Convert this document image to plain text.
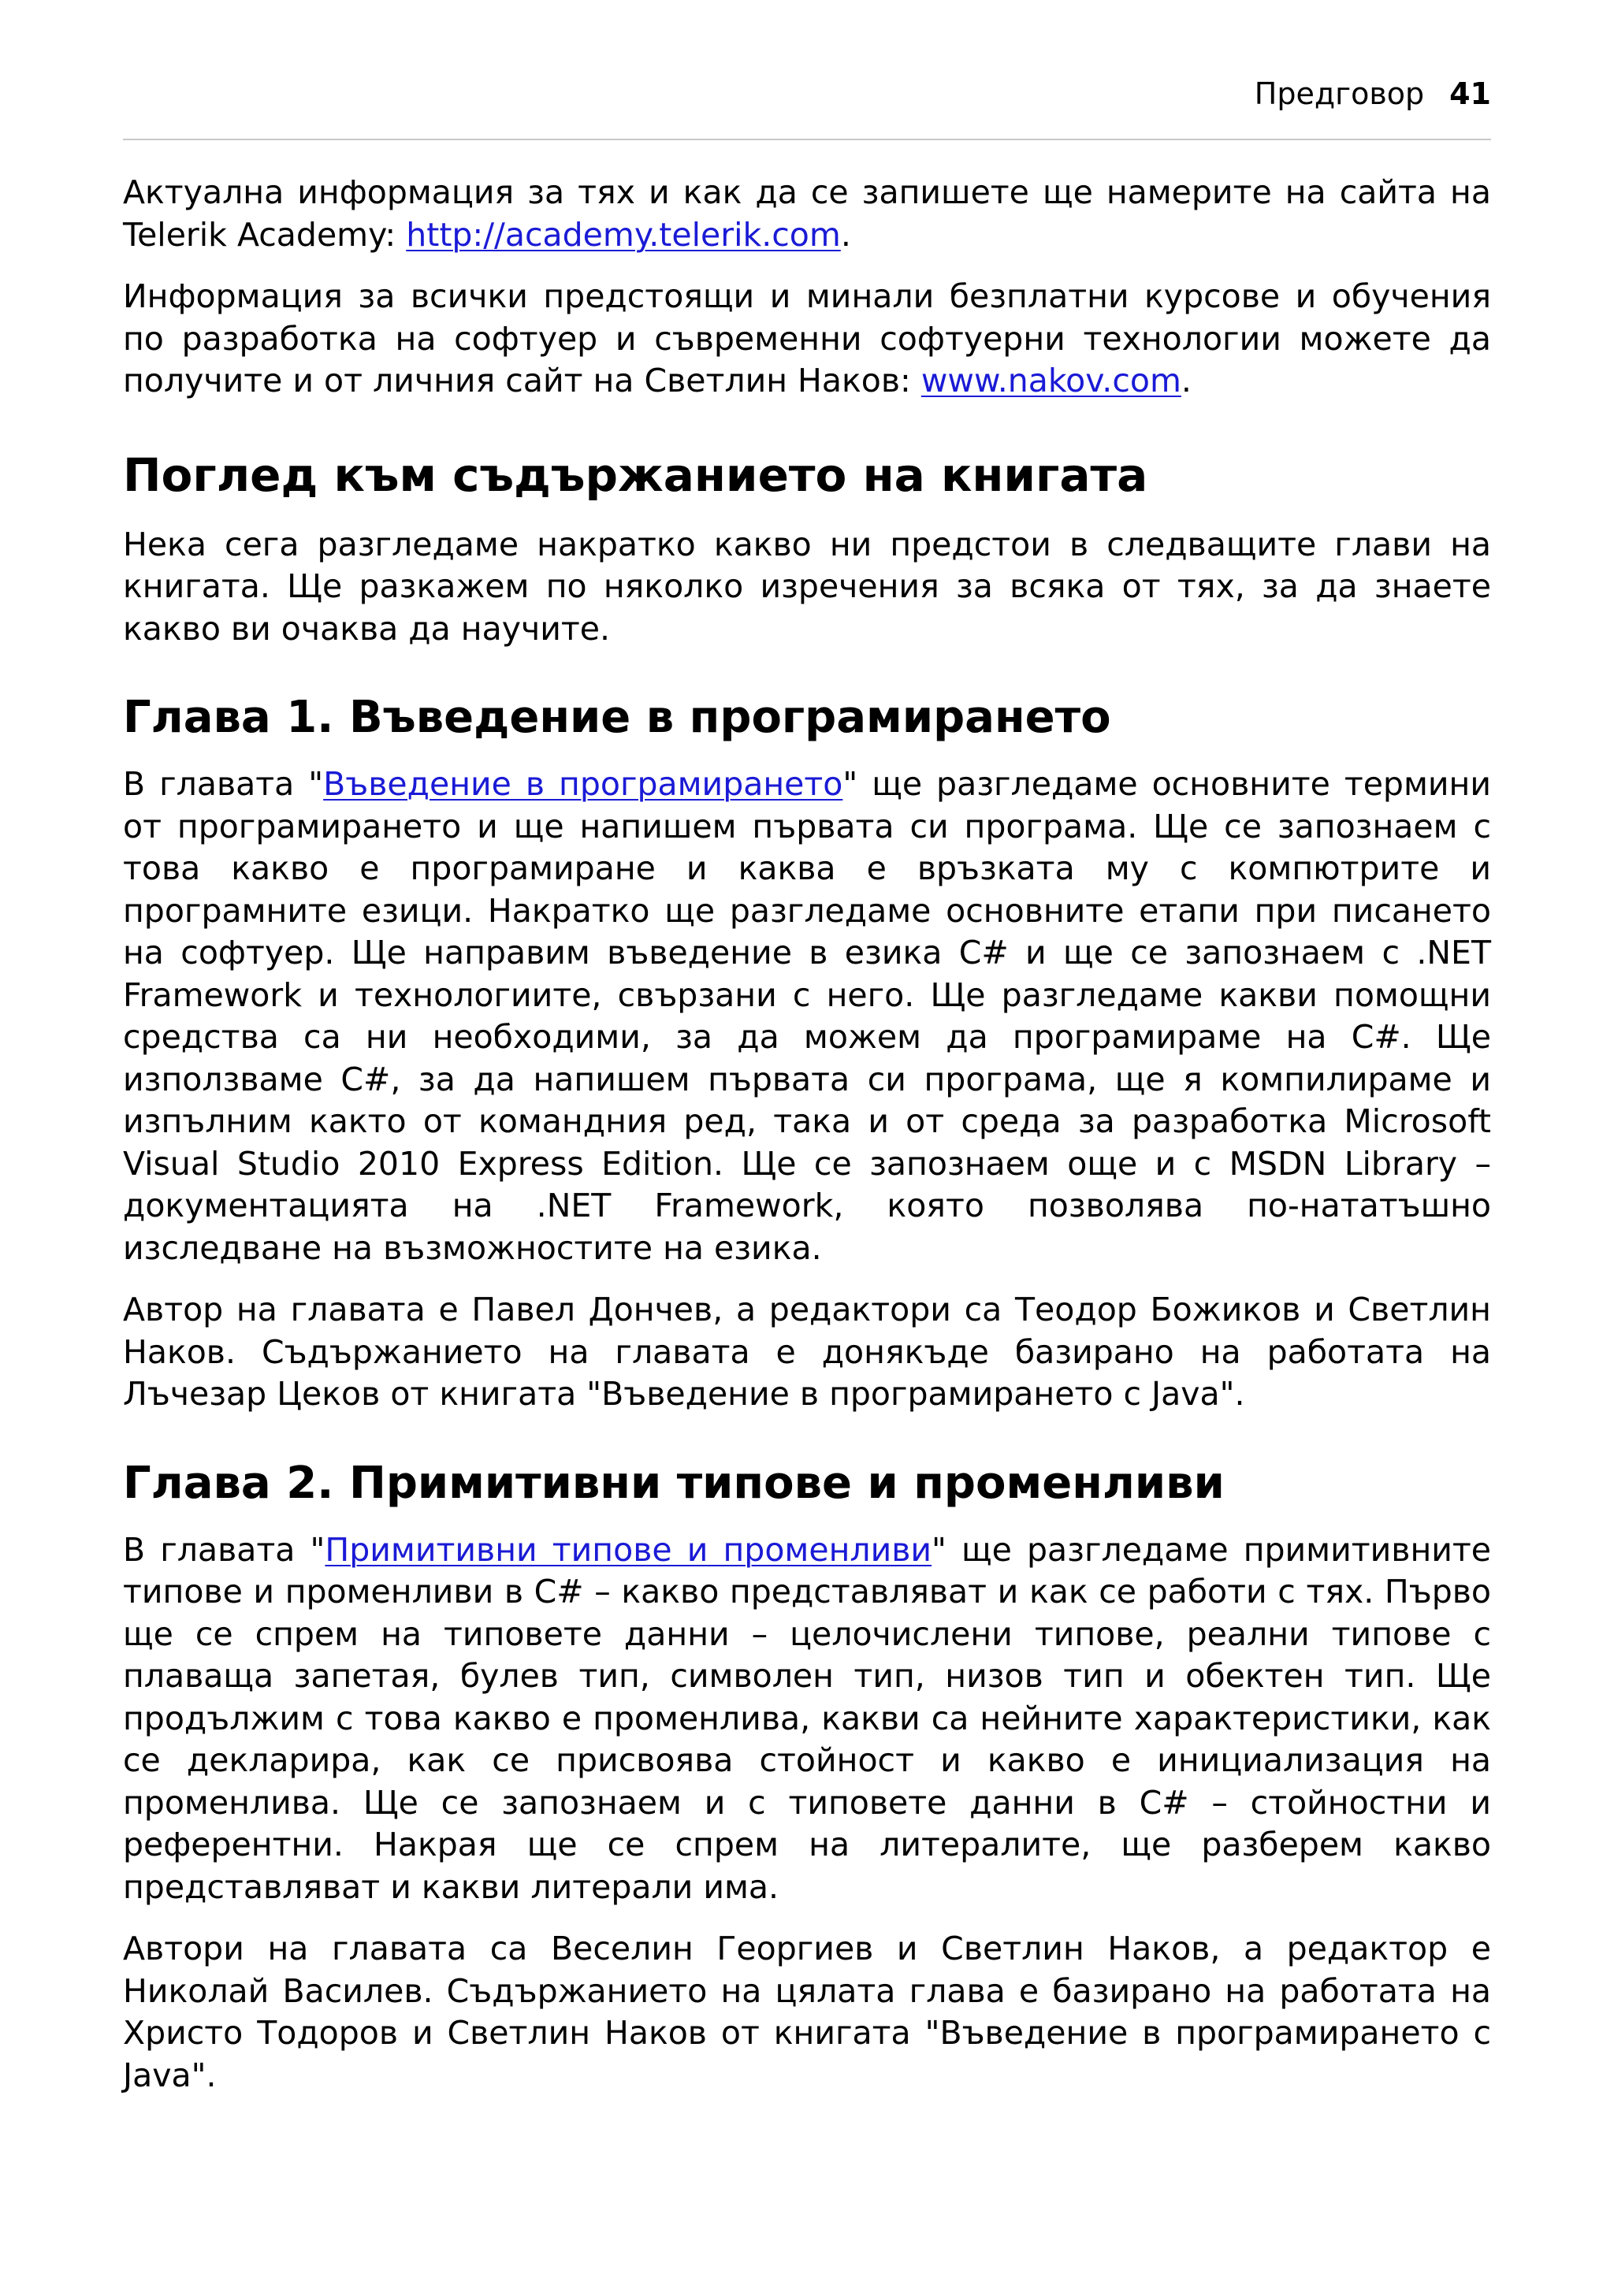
Предговор 41

Актуална информация за тях и как да се запишете ще намерите на сайта на Telerik Academy: http://academy.telerik.com.

Информация за всички предстоящи и минали безплатни курсове и обучения по разработка на софтуер и съвременни софтуерни технологии можете да получите и от личния сайт на Светлин Наков: www.nakov.com.

Поглед към съдържанието на книгата

Нека сега разгледаме накратко какво ни предстои в следващите глави на книгата. Ще разкажем по няколко изречения за всяка от тях, за да знаете какво ви очаква да научите.

Глава 1. Въведение в програмирането

В главата "Въведение в програмирането" ще разгледаме основните термини от програмирането и ще напишем първата си програма. Ще се запознаем с това какво е програмиране и каква е връзката му с компютрите и програмните езици. Накратко ще разгледаме основните етапи при писането на софтуер. Ще направим въведение в езика C# и ще се запознаем с .NET Framework и технологиите, свързани с него. Ще разгледаме какви помощни средства са ни необходими, за да можем да програмираме на C#. Ще използваме C#, за да напишем първата си програма, ще я компилираме и изпълним както от командния ред, така и от среда за разработка Microsoft Visual Studio 2010 Express Edition. Ще се запознаем още и с MSDN Library – документацията на .NET Framework, която позволява по-нататъшно изследване на възможностите на езика.

Автор на главата е Павел Дончев, а редактори са Теодор Божиков и Светлин Наков. Съдържанието на главата е донякъде базирано на работата на Лъчезар Цеков от книгата "Въведение в програмирането с Java".

Глава 2. Примитивни типове и променливи

В главата "Примитивни типове и променливи" ще разгледаме примитивните типове и променливи в C# – какво представляват и как се работи с тях. Първо ще се спрем на типовете данни – целочислени типове, реални типове с плаваща запетая, булев тип, символен тип, низов тип и обектен тип. Ще продължим с това какво е променлива, какви са нейните характеристики, как се декларира, как се присвоява стойност и какво е инициализация на променлива. Ще се запознаем и с типовете данни в C# – стойностни и референтни. Накрая ще се спрем на литералите, ще разберем какво представляват и какви литерали има.

Автори на главата са Веселин Георгиев и Светлин Наков, а редактор е Николай Василев. Съдържанието на цялата глава е базирано на работата на Христо Тодоров и Светлин Наков от книгата "Въведение в програмирането с Java".
